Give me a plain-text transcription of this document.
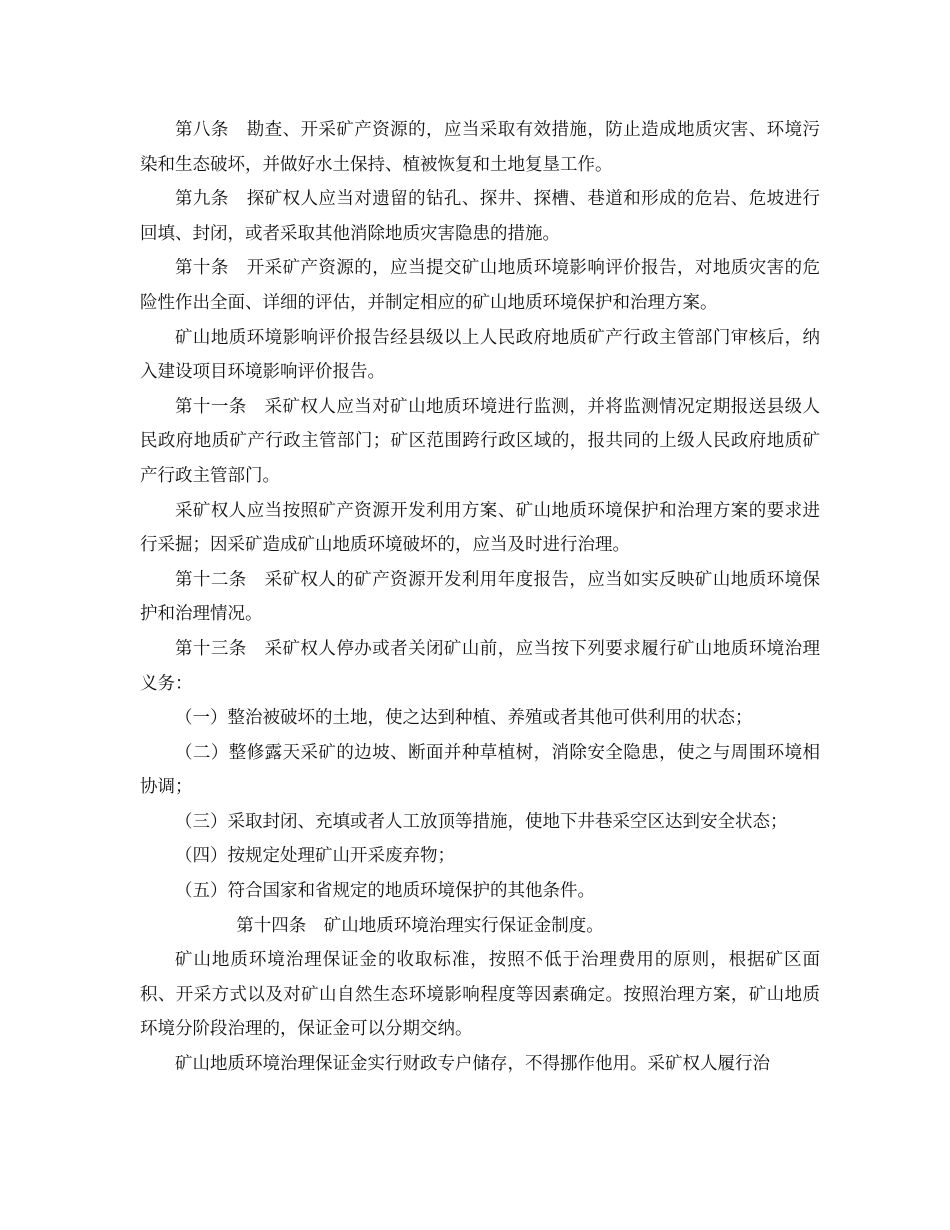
第八条　勘查、开采矿产资源的，应当采取有效措施，防止造成地质灾害、环境污染和生态破坏，并做好水土保持、植被恢复和土地复垦工作。

第九条　探矿权人应当对遗留的钻孔、探井、探槽、巷道和形成的危岩、危坡进行回填、封闭，或者采取其他消除地质灾害隐患的措施。

第十条　开采矿产资源的，应当提交矿山地质环境影响评价报告，对地质灾害的危险性作出全面、详细的评估，并制定相应的矿山地质环境保护和治理方案。

矿山地质环境影响评价报告经县级以上人民政府地质矿产行政主管部门审核后，纳入建设项目环境影响评价报告。

第十一条　采矿权人应当对矿山地质环境进行监测，并将监测情况定期报送县级人民政府地质矿产行政主管部门；矿区范围跨行政区域的，报共同的上级人民政府地质矿产行政主管部门。

采矿权人应当按照矿产资源开发利用方案、矿山地质环境保护和治理方案的要求进行采掘；因采矿造成矿山地质环境破坏的，应当及时进行治理。

第十二条　采矿权人的矿产资源开发利用年度报告，应当如实反映矿山地质环境保护和治理情况。

第十三条　采矿权人停办或者关闭矿山前，应当按下列要求履行矿山地质环境治理义务：

（一）整治被破坏的土地，使之达到种植、养殖或者其他可供利用的状态；

（二）整修露天采矿的边坡、断面并种草植树，消除安全隐患，使之与周围环境相协调；

（三）采取封闭、充填或者人工放顶等措施，使地下井巷采空区达到安全状态；

（四）按规定处理矿山开采废弃物；

（五）符合国家和省规定的地质环境保护的其他条件。

第十四条　矿山地质环境治理实行保证金制度。

矿山地质环境治理保证金的收取标准，按照不低于治理费用的原则，根据矿区面积、开采方式以及对矿山自然生态环境影响程度等因素确定。按照治理方案，矿山地质环境分阶段治理的，保证金可以分期交纳。

矿山地质环境治理保证金实行财政专户储存，不得挪作他用。采矿权人履行治
